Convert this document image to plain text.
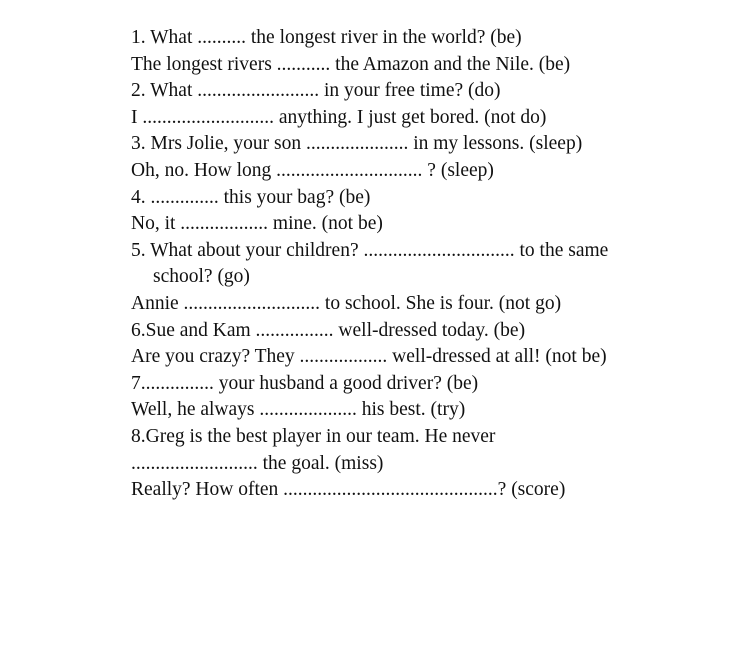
1. What .......... the longest river in the world? (be)

The longest rivers ........... the Amazon and the Nile. (be)

2. What ......................... in your free time? (do)

I ........................... anything. I just get bored. (not do)

3. Mrs Jolie, your son ..................... in my lessons. (sleep)

Oh, no. How long .............................. ? (sleep)

4. .............. this your bag? (be)

No, it .................. mine. (not be)

5. What about your children? ............................... to the same

school? (go)

Annie ............................ to school. She is four. (not go)

6.Sue and Kam ................ well-dressed today. (be)

Are you crazy? They .................. well-dressed at all! (not be)

7............... your husband a good driver? (be)

Well, he always .................... his best. (try)

8.Greg is the best player in our team. He never

.......................... the goal. (miss)

Really? How often ............................................? (score)
